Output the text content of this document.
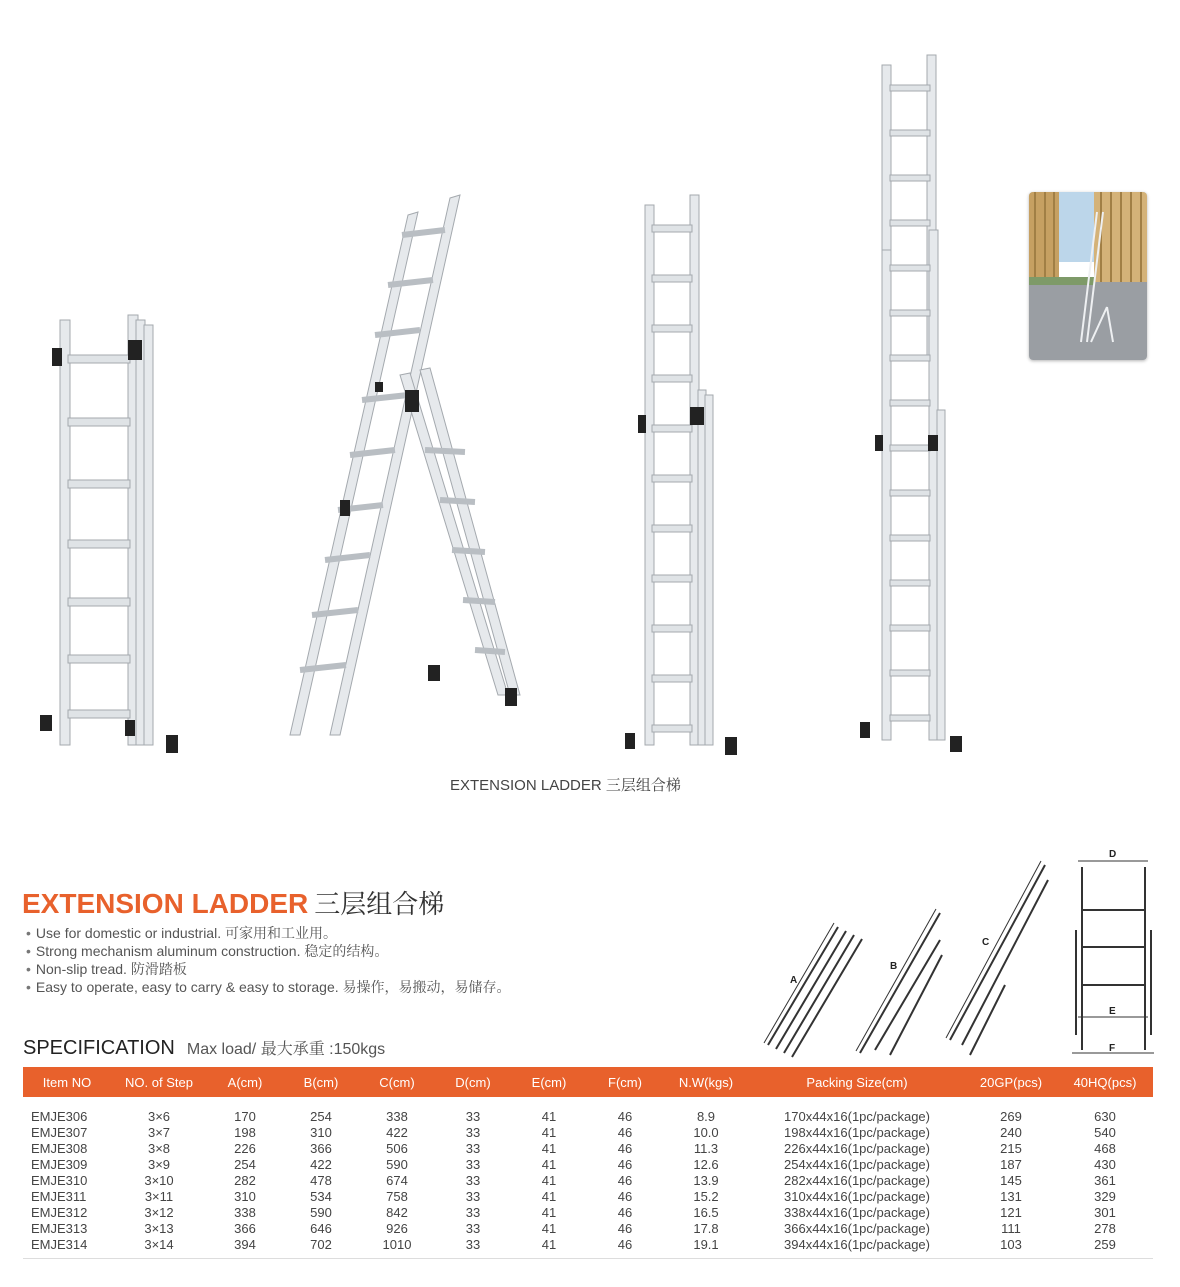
EXTENSION LADDER 三层组合梯
EXTENSION LADDER 三层组合梯
• Use for domestic or industrial. 可家用和工业用。
• Strong mechanism aluminum construction. 稳定的结构。
• Non-slip tread. 防滑踏板
• Easy to operate, easy to carry & easy to storage. 易操作，易搬动，易储存。
SPECIFICATION Max load/ 最大承重 :150kgs
A
B
C
D
E
F
Item NO	NO. of Step	A(cm)	B(cm)	C(cm)	D(cm)	E(cm)	F(cm)	N.W(kgs)	Packing Size(cm)	20GP(pcs)	40HQ(pcs)

EMJE306	3×6	170	254	338	33	41	46	8.9	170x44x16(1pc/package)	269	630
EMJE307	3×7	198	310	422	33	41	46	10.0	198x44x16(1pc/package)	240	540
EMJE308	3×8	226	366	506	33	41	46	11.3	226x44x16(1pc/package)	215	468
EMJE309	3×9	254	422	590	33	41	46	12.6	254x44x16(1pc/package)	187	430
EMJE310	3×10	282	478	674	33	41	46	13.9	282x44x16(1pc/package)	145	361
EMJE311	3×11	310	534	758	33	41	46	15.2	310x44x16(1pc/package)	131	329
EMJE312	3×12	338	590	842	33	41	46	16.5	338x44x16(1pc/package)	121	301
EMJE313	3×13	366	646	926	33	41	46	17.8	366x44x16(1pc/package)	111	278
EMJE314	3×14	394	702	1010	33	41	46	19.1	394x44x16(1pc/package)	103	259
